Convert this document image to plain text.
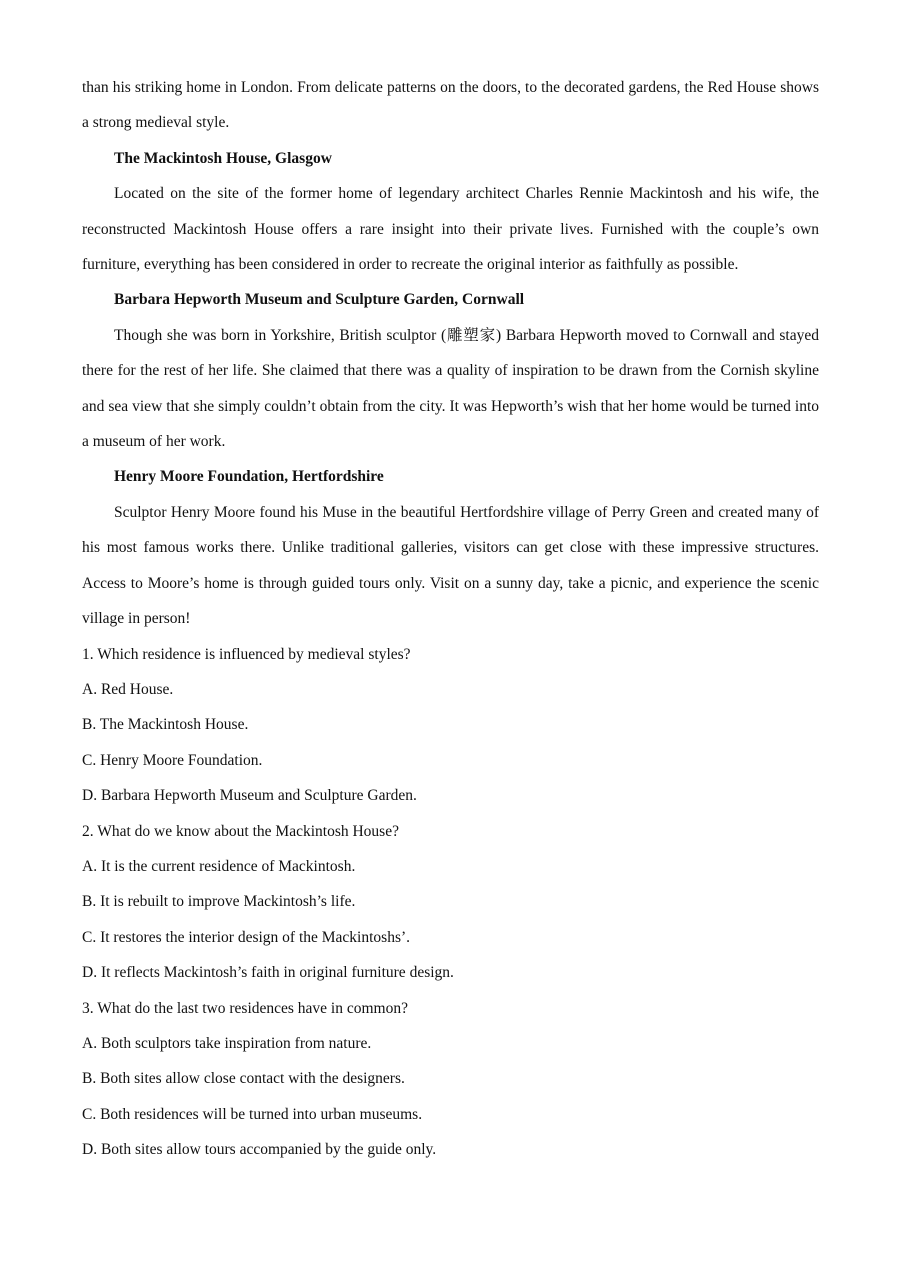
than his striking home in London. From delicate patterns on the doors, to the decorated gardens, the Red House shows a strong medieval style.

The Mackintosh House, Glasgow

Located on the site of the former home of legendary architect Charles Rennie Mackintosh and his wife, the reconstructed Mackintosh House offers a rare insight into their private lives. Furnished with the couple’s own furniture, everything has been considered in order to recreate the original interior as faithfully as possible.

Barbara Hepworth Museum and Sculpture Garden, Cornwall

Though she was born in Yorkshire, British sculptor (雕塑家) Barbara Hepworth moved to Cornwall and stayed there for the rest of her life. She claimed that there was a quality of inspiration to be drawn from the Cornish skyline and sea view that she simply couldn’t obtain from the city. It was Hepworth’s wish that her home would be turned into a museum of her work.

Henry Moore Foundation, Hertfordshire

Sculptor Henry Moore found his Muse in the beautiful Hertfordshire village of Perry Green and created many of his most famous works there. Unlike traditional galleries, visitors can get close with these impressive structures. Access to Moore’s home is through guided tours only. Visit on a sunny day, take a picnic, and experience the scenic village in person!

1. Which residence is influenced by medieval styles?

A. Red House.

B. The Mackintosh House.

C. Henry Moore Foundation.

D. Barbara Hepworth Museum and Sculpture Garden.

2. What do we know about the Mackintosh House?

A. It is the current residence of Mackintosh.

B. It is rebuilt to improve Mackintosh’s life.

C. It restores the interior design of the Mackintoshs’.

D. It reflects Mackintosh’s faith in original furniture design.

3. What do the last two residences have in common?

A. Both sculptors take inspiration from nature.

B. Both sites allow close contact with the designers.

C. Both residences will be turned into urban museums.

D. Both sites allow tours accompanied by the guide only.
